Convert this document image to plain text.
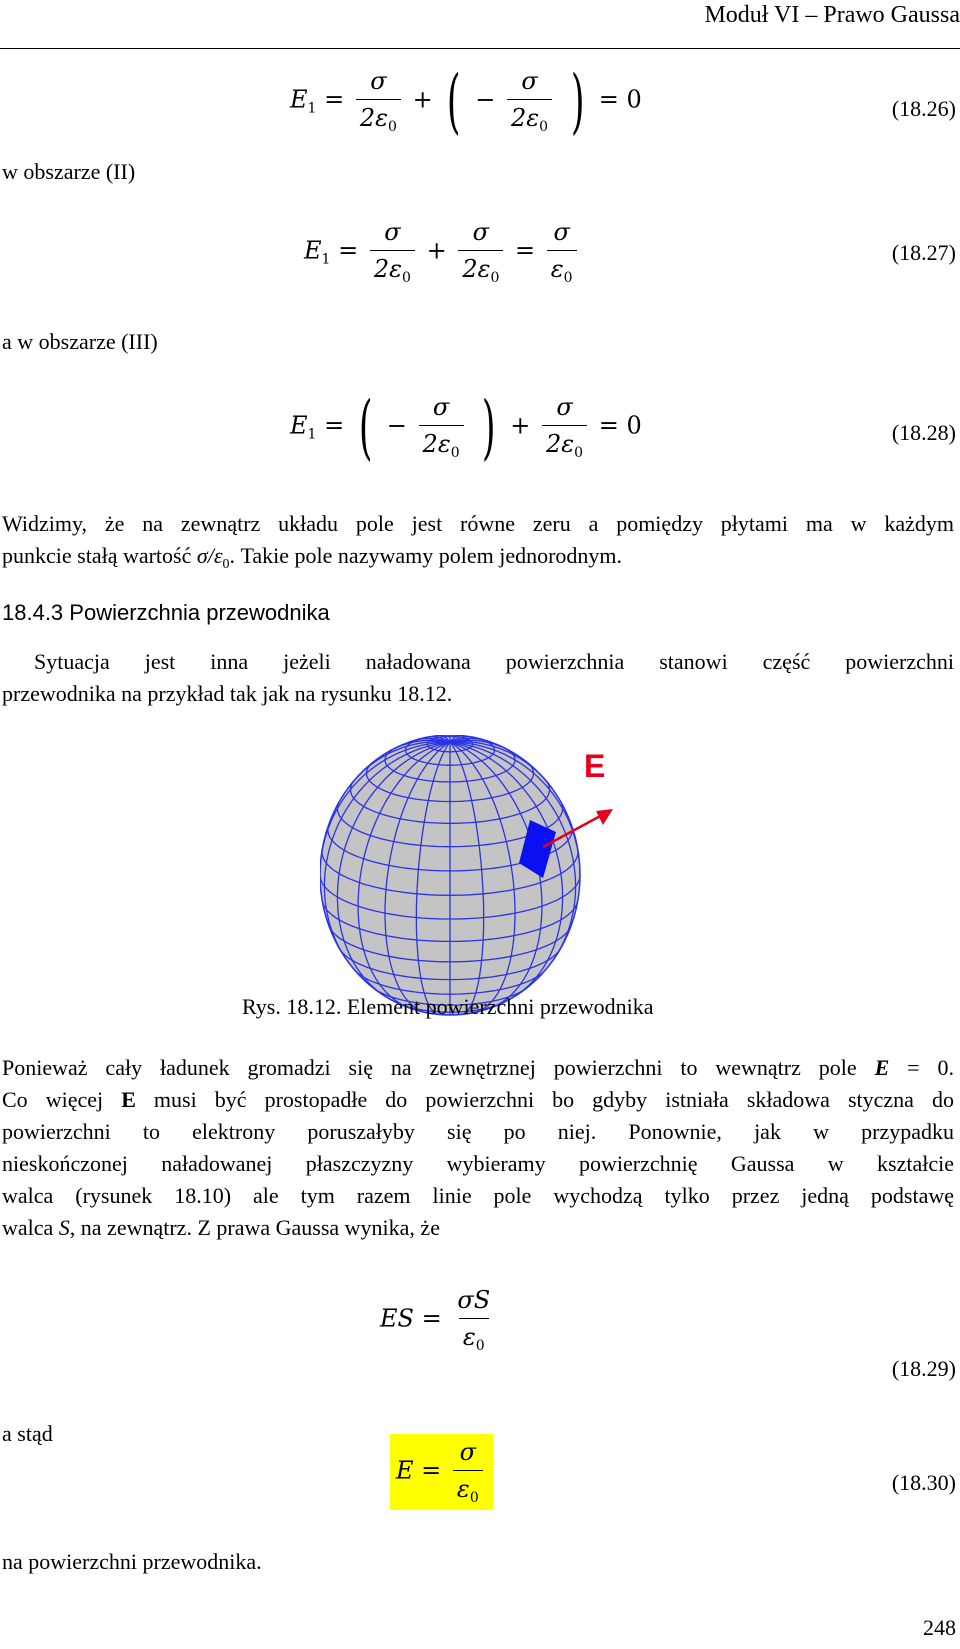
Moduł VI – Prawo Gaussa
$E_1 = \frac{\sigma}{2\varepsilon_0}$ + ( − $\frac{\sigma}{2\varepsilon_0}$ ) = 0	(18.26)
w obszarze (II)
$E_1 = \frac{\sigma}{2\varepsilon_0} + \frac{\sigma}{2\varepsilon_0} = \frac{\sigma}{\varepsilon_0}$	(18.27)
a w obszarze (III)
$E_1$ = ( − $\frac{\sigma}{2\varepsilon_0}$ ) + $\frac{\sigma}{2\varepsilon_0} = 0$	(18.28)
Widzimy, że na zewnątrz układu pole jest równe zeru a pomiędzy płytami ma w każdym
punkcie stałą wartość $\sigma/\varepsilon_0$. Takie pole nazywamy polem jednorodnym.
18.4.3 Powierzchnia przewodnika
Sytuacja jest inna jeżeli naładowana powierzchnia stanowi część powierzchni
przewodnika na przykład tak jak na rysunku 18.12.
E
Rys. 18.12. Element powierzchni przewodnika
Ponieważ cały ładunek gromadzi się na zewnętrznej powierzchni to wewnątrz pole E = 0.
Co więcej E musi być prostopadłe do powierzchni bo gdyby istniała składowa styczna do
powierzchni to elektrony poruszałyby się po niej. Ponownie, jak w przypadku
nieskończonej naładowanej płaszczyzny wybieramy powierzchnię Gaussa w kształcie
walca (rysunek 18.10) ale tym razem linie pole wychodzą tylko przez jedną podstawę
walca S, na zewnątrz. Z prawa Gaussa wynika, że
ES = $\frac{\sigma S}{\varepsilon_0}$
(18.29)
a stąd
$E = \frac{\sigma}{\varepsilon_0}$	(18.30)
na powierzchni przewodnika.
248
